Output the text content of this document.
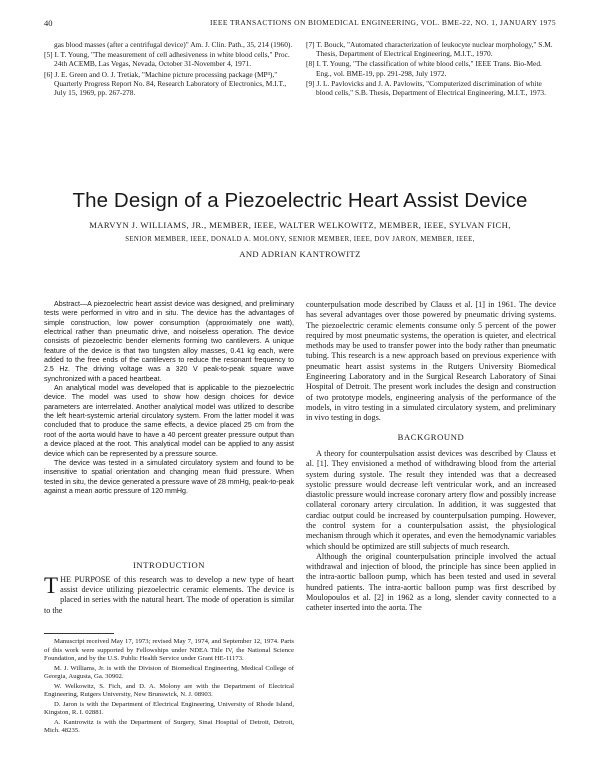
40	IEEE TRANSACTIONS ON BIOMEDICAL ENGINEERING, VOL. BME-22, NO. 1, JANUARY 1975
gas blood masses (after a centrifugal device)" Am. J. Clin. Path., 35, 214 (1960).
[5] I. T. Young, "The measurement of cell adhesiveness in white blood cells," Proc. 24th ACEMB, Las Vegas, Nevada, October 31-November 4, 1971.
[6] J. E. Green and O. J. Tretiak, "Machine picture processing package (MP³)," Quarterly Progress Report No. 84, Research Laboratory of Electronics, M.I.T., July 15, 1969, pp. 267-278.
[7] T. Bouck, "Automated characterization of leukocyte nuclear morphology," S.M. Thesis, Department of Electrical Engineering, M.I.T., 1970.
[8] I. T. Young, "The classification of white blood cells," IEEE Trans. Bio-Med. Eng., vol. BME-19, pp. 291-298, July 1972.
[9] J. L. Pavlovicks and J. A. Pavlowits, "Computerized discrimination of white blood cells," S.B. Thesis, Department of Electrical Engineering, M.I.T., 1973.
The Design of a Piezoelectric Heart Assist Device
MARVYN J. WILLIAMS, JR., MEMBER, IEEE, WALTER WELKOWITZ, MEMBER, IEEE, SYLVAN FICH,
SENIOR MEMBER, IEEE, DONALD A. MOLONY, SENIOR MEMBER, IEEE, DOV JARON, MEMBER, IEEE,
AND ADRIAN KANTROWITZ

Abstract—A piezoelectric heart assist device was designed, and preliminary tests were performed in vitro and in situ. The device has the advantages of simple construction, low power consumption (approximately one watt), electrical rather than pneumatic drive, and noiseless operation. The device consists of piezoelectric bender elements forming two cantilevers. A unique feature of the device is that two tungsten alloy masses, 0.41 kg each, were added to the free ends of the cantilevers to reduce the resonant frequency to 2.5 Hz. The driving voltage was a 320 V peak-to-peak square wave synchronized with a paced heartbeat.

An analytical model was developed that is applicable to the piezoelectric device. The model was used to show how design choices for device parameters are interrelated. Another analytical model was utilized to describe the left heart-systemic arterial circulatory system. From the latter model it was concluded that to produce the same effects, a device placed 25 cm from the root of the aorta would have to have a 40 percent greater pressure output than a device placed at the root. This analytical model can be applied to any assist device which can be represented by a pressure source.

The device was tested in a simulated circulatory system and found to be insensitive to spatial orientation and changing mean fluid pressure. When tested in situ, the device generated a pressure wave of 28 mmHg, peak-to-peak against a mean aortic pressure of 120 mmHg.

INTRODUCTION

THE PURPOSE of this research was to develop a new type of heart assist device utilizing piezoelectric ceramic elements. The device is placed in series with the natural heart. The mode of operation is similar to the

Manuscript received May 17, 1973; revised May 7, 1974, and September 12, 1974. Parts of this work were supported by Fellowships under NDEA Title IV, the National Science Foundation, and by the U.S. Public Health Service under Grant HE-11173.

M. J. Williams, Jr. is with the Division of Biomedical Engineering, Medical College of Georgia, Augusta, Ga. 30902.

W. Welkowitz, S. Fich, and D. A. Molony are with the Department of Electrical Engineering, Rutgers University, New Brunswick, N. J. 08903.

D. Jaron is with the Department of Electrical Engineering, University of Rhode Island, Kingston, R. I. 02881.

A. Kantrowitz is with the Department of Surgery, Sinai Hospital of Detroit, Detroit, Mich. 48235.

counterpulsation mode described by Clauss et al. [1] in 1961. The device has several advantages over those powered by pneumatic driving systems. The piezoelectric ceramic elements consume only 5 percent of the power required by most pneumatic systems, the operation is quieter, and electrical methods may be used to transfer power into the body rather than pneumatic tubing. This research is a new approach based on previous experience with pneumatic heart assist systems in the Rutgers University Biomedical Engineering Laboratory and in the Surgical Research Laboratory of Sinai Hospital of Detroit. The present work includes the design and construction of two prototype models, engineering analysis of the performance of the models, in vitro testing in a simulated circulatory system, and preliminary in vivo testing in dogs.

BACKGROUND

A theory for counterpulsation assist devices was described by Clauss et al. [1]. They envisioned a method of withdrawing blood from the arterial system during systole. The result they intended was that a decreased systolic pressure would decrease left ventricular work, and an increased diastolic pressure would increase coronary artery flow and possibly increase collateral coronary artery circulation. In addition, it was suggested that cardiac output could be increased by counterpulsation pumping. However, the control system for a counterpulsation assist, the physiological mechanism through which it operates, and even the hemodynamic variables which should be optimized are still subjects of much research.

Although the original counterpulsation principle involved the actual withdrawal and injection of blood, the principle has since been applied in the intra-aortic balloon pump, which has been tested and used in several hundred patients. The intra-aortic balloon pump was first described by Moulopoulos et al. [2] in 1962 as a long, slender cavity connected to a catheter inserted into the aorta. The
